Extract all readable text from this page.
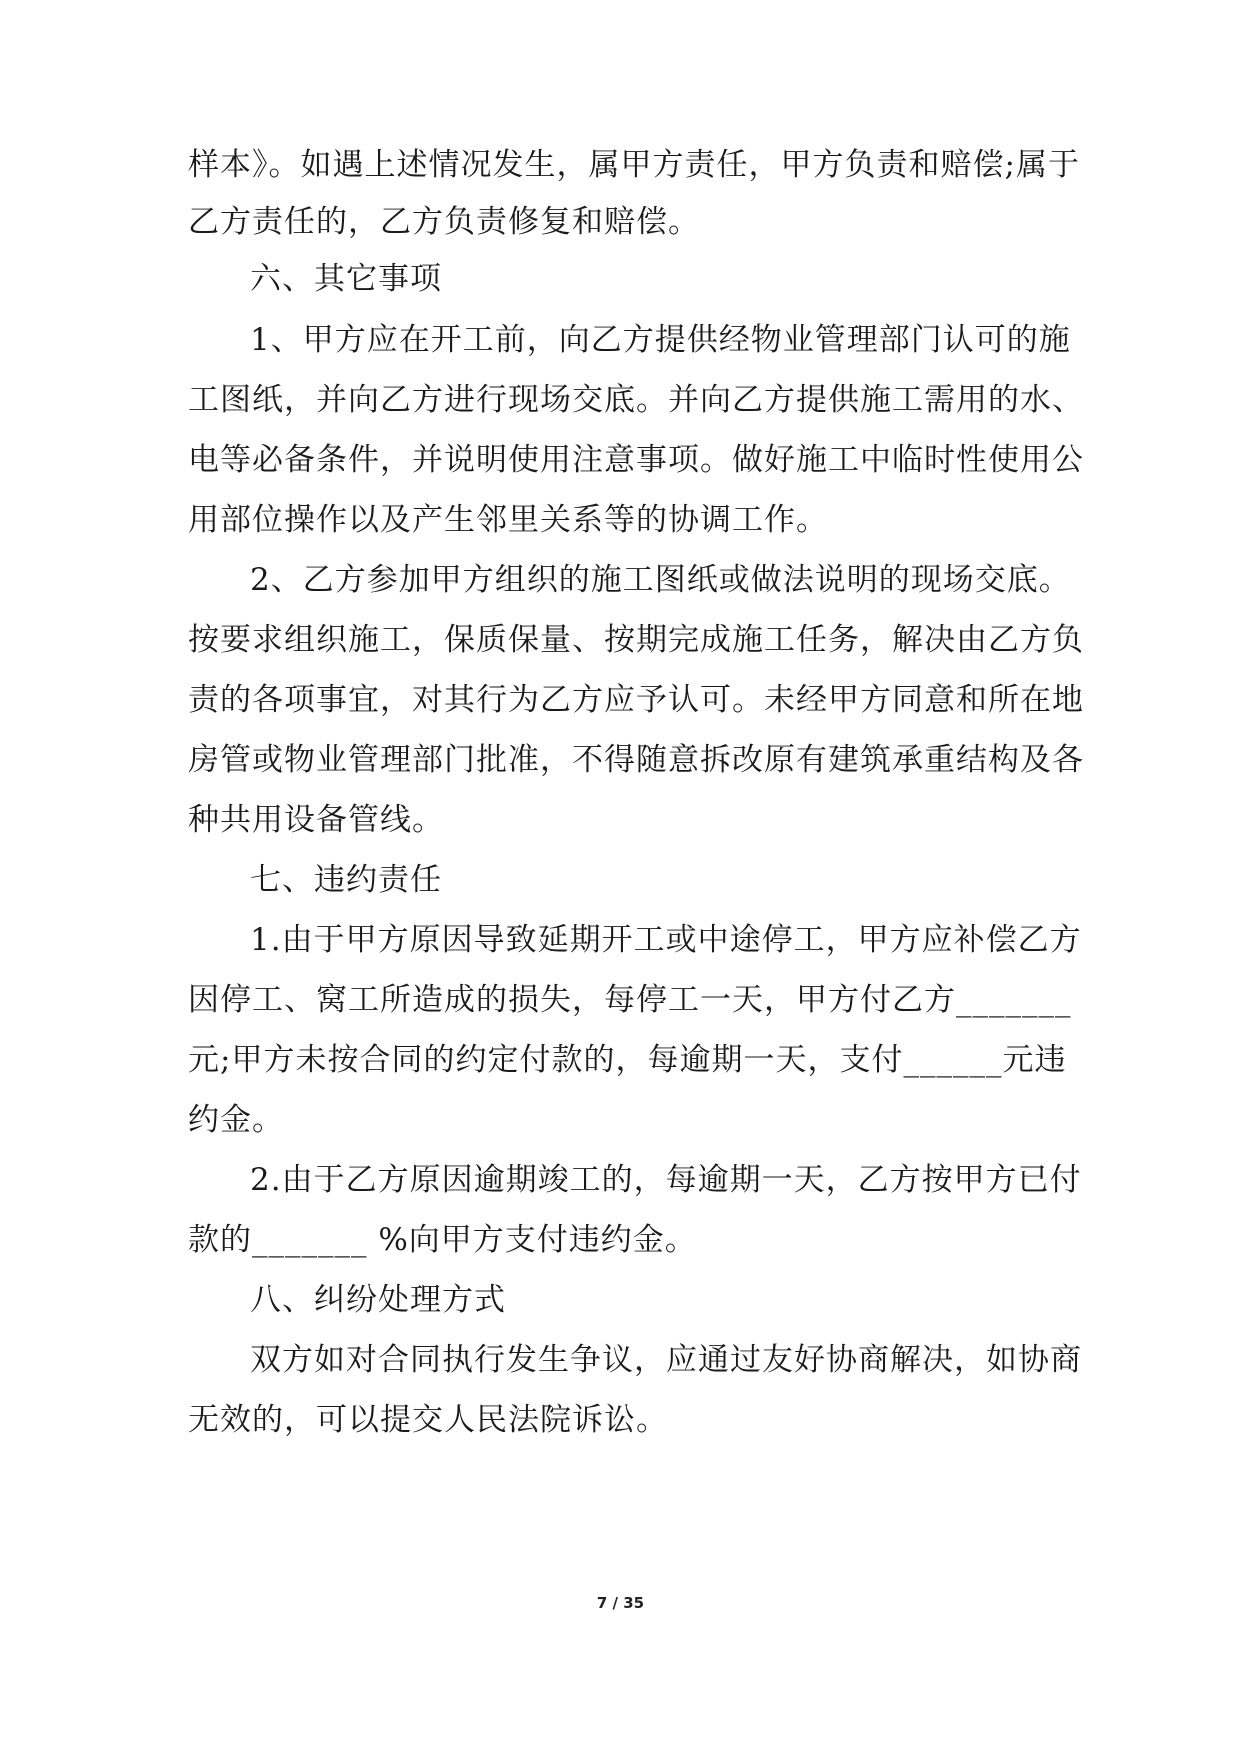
样本》。如遇上述情况发生，属甲方责任，甲方负责和赔偿;属于
乙方责任的，乙方负责修复和赔偿。
六、其它事项
1、甲方应在开工前，向乙方提供经物业管理部门认可的施
工图纸，并向乙方进行现场交底。并向乙方提供施工需用的水、
电等必备条件，并说明使用注意事项。做好施工中临时性使用公
用部位操作以及产生邻里关系等的协调工作。
2、乙方参加甲方组织的施工图纸或做法说明的现场交底。
按要求组织施工，保质保量、按期完成施工任务，解决由乙方负
责的各项事宜，对其行为乙方应予认可。未经甲方同意和所在地
房管或物业管理部门批准，不得随意拆改原有建筑承重结构及各
种共用设备管线。
七、违约责任
1.由于甲方原因导致延期开工或中途停工，甲方应补偿乙方
因停工、窝工所造成的损失，每停工一天，甲方付乙方_______
元;甲方未按合同的约定付款的，每逾期一天，支付______元违
约金。
2.由于乙方原因逾期竣工的，每逾期一天，乙方按甲方已付
款的_______ %向甲方支付违约金。
八、纠纷处理方式
双方如对合同执行发生争议，应通过友好协商解决，如协商
无效的，可以提交人民法院诉讼。
7 / 35
